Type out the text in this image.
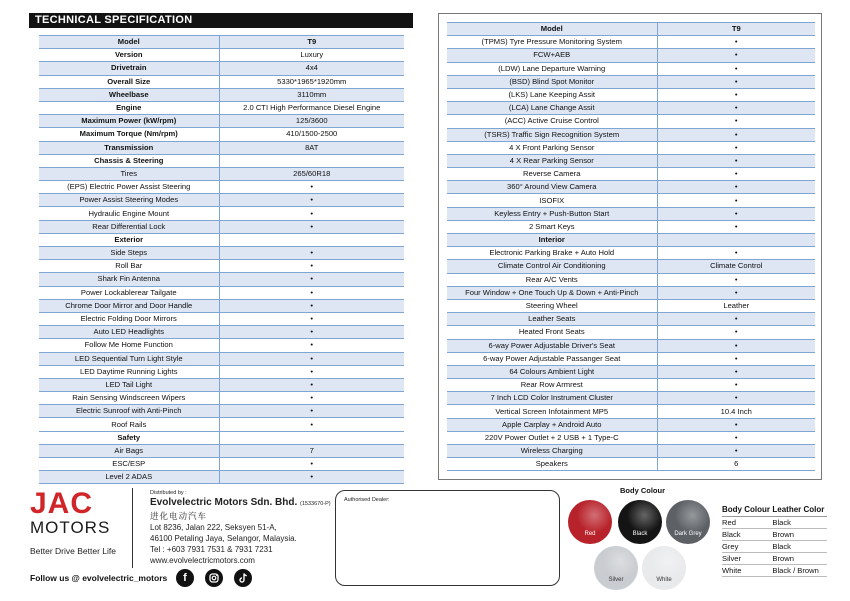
TECHNICAL SPECIFICATION
Model	T9
Version	Luxury
Drivetrain	4x4
Overall Size	5330*1965*1920mm
Wheelbase	3110mm
Engine	2.0 CTI High Performance Diesel Engine
Maximum Power (kW/rpm)	125/3600
Maximum Torque (Nm/rpm)	410/1500-2500
Transmission	8AT
Chassis & Steering	
Tires	265/60R18
(EPS) Electric Power Assist Steering	•
Power Assist Steering Modes	•
Hydraulic Engine Mount	•
Rear Differential Lock	•
Exterior	
Side Steps	•
Roll Bar	•
Shark Fin Antenna	•
Power Lockablerear Tailgate	•
Chrome Door Mirror and Door Handle	•
Electric Folding Door Mirrors	•
Auto LED Headlights	•
Follow Me Home Function	•
LED Sequential Turn Light Style	•
LED Daytime Running Lights	•
LED Tail Light	•
Rain Sensing Windscreen Wipers	•
Electric Sunroof with Anti-Pinch	•
Roof Rails	•
Safety	
Air Bags	7
ESC/ESP	•
Level 2 ADAS	•
Model	T9
(TPMS) Tyre Pressure Monitoring System	•
FCW+AEB	•
(LDW) Lane Departure Warning	•
(BSD) Blind Spot Monitor	•
(LKS) Lane Keeping Assit	•
(LCA) Lane Change Assit	•
(ACC) Active Cruise Control	•
(TSRS) Traffic Sign Recognition System	•
4 X Front Parking Sensor	•
4 X Rear Parking Sensor	•
Reverse Camera	•
360° Around View Camera	•
ISOFIX	•
Keyless Entry + Push-Button Start	•
2 Smart Keys	•
Interior	
Electronic Parking Brake + Auto Hold	•
Climate Control Air Conditioning	Climate Control
Rear A/C Vents	•
Four Window + One Touch Up & Down + Anti-Pinch	•
Steering Wheel	Leather
Leather Seats	•
Heated Front Seats	•
6-way Power Adjustable Driver's Seat	•
6-way Power Adjustable Passanger Seat	•
64 Colours Ambient Light	•
Rear Row Armrest	•
7 Inch LCD Color Instrument Cluster	•
Vertical Screen Infotainment MP5	10.4 Inch
Apple Carplay + Android Auto	•
220V Power Outlet + 2 USB + 1 Type-C	•
Wireless Charging	•
Speakers	6
JAC
MOTORS
Better Drive Better Life
Distributed by :
Evolvelectric Motors Sdn. Bhd. (1533670-P)
进化电动汽车
Lot 8236, Jalan 222, Seksyen 51-A,
46100 Petaling Jaya, Selangor, Malaysia.
Tel : +603 7931 7531 & 7931 7231
www.evolvelectricmotors.com
Follow us @ evolvelectric_motors	f
Authorised Dealer:
Body Colour
Red	Black	Dark Grey
Silver	White
Body Colour	Leather Color
Red	Black
Black	Brown
Grey	Black
Silver	Brown
White	Black / Brown
